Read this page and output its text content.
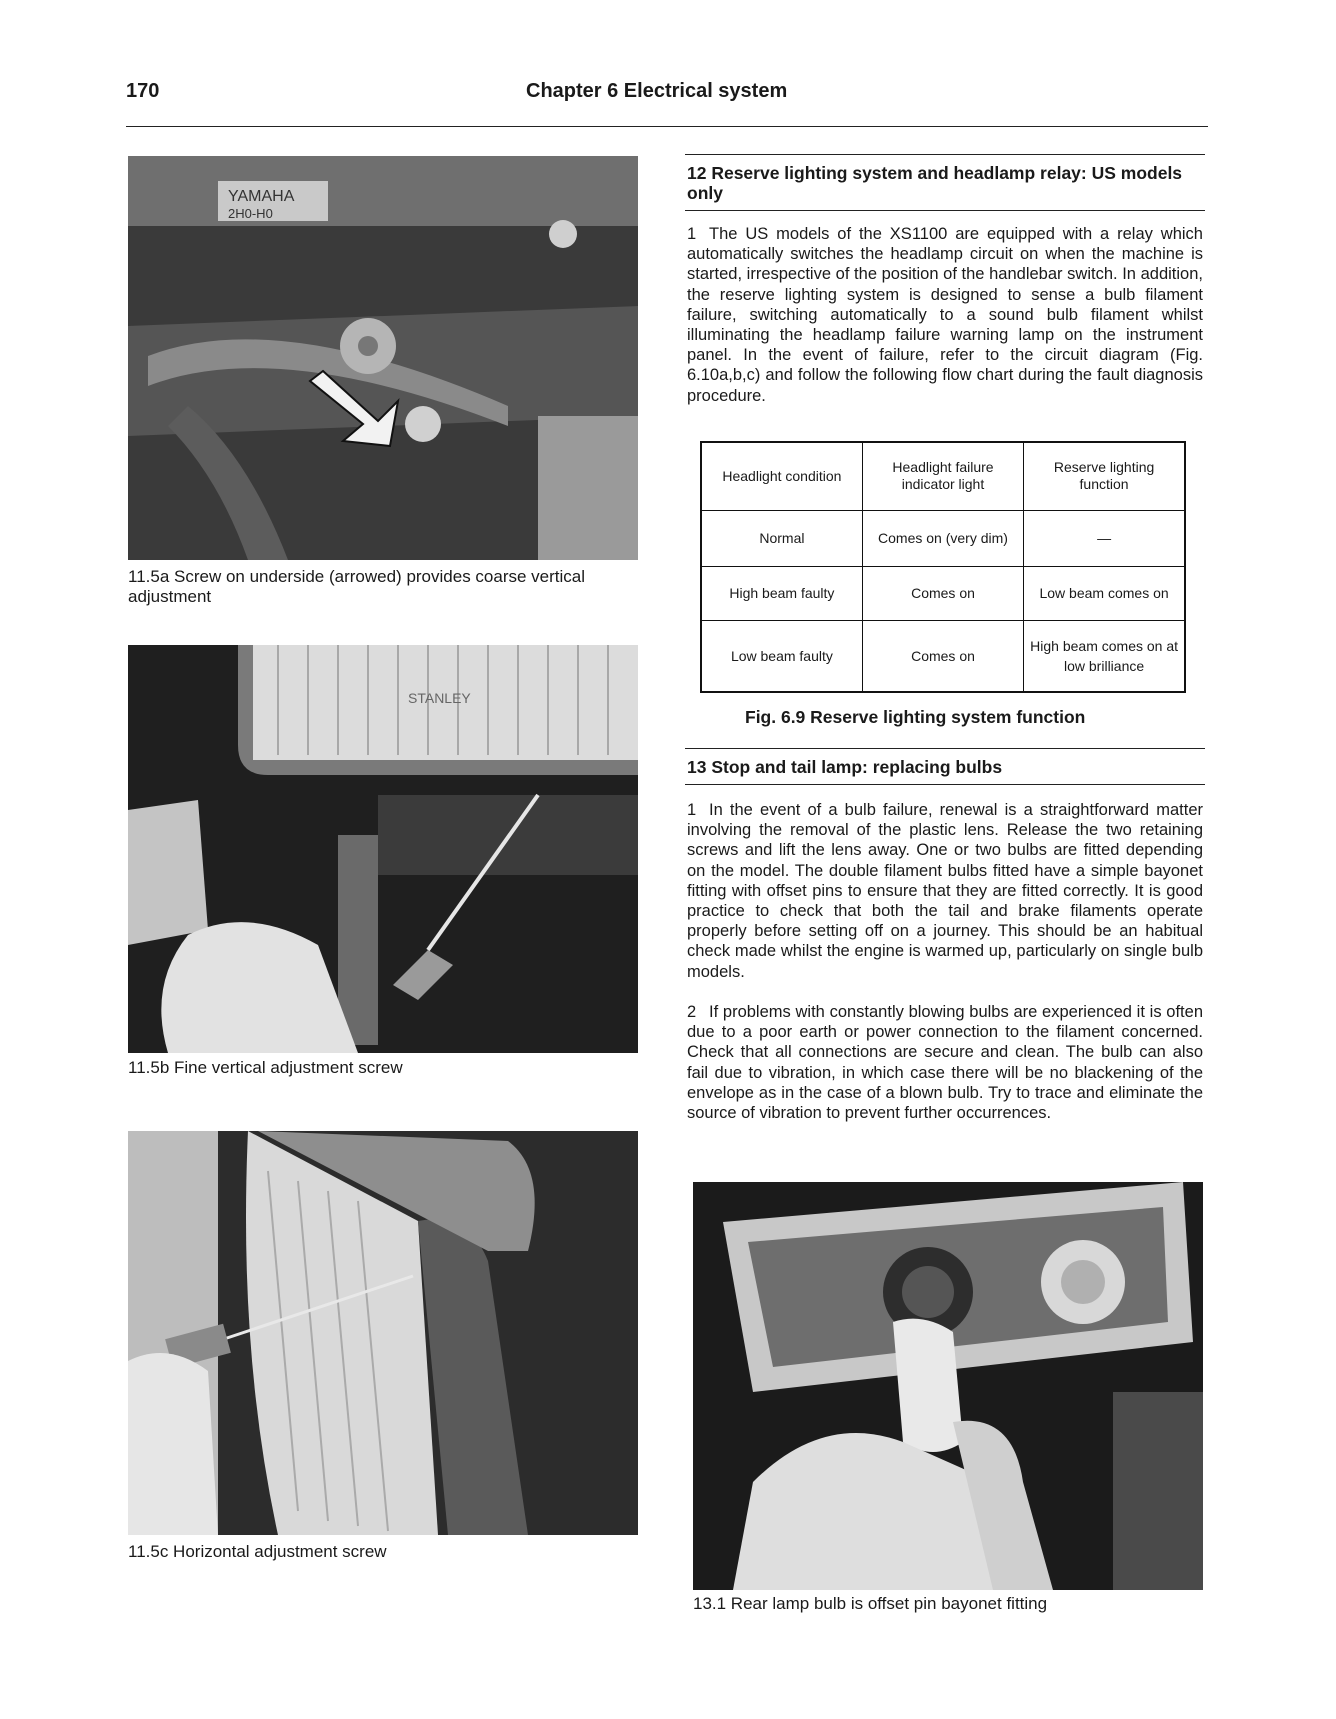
170	Chapter 6 Electrical system
YAMAHA
2H0-H0
11.5a Screw on underside (arrowed) provides coarse vertical adjustment
STANLEY
11.5b Fine vertical adjustment screw
11.5c Horizontal adjustment screw
12 Reserve lighting system and headlamp relay: US models only

1 The US models of the XS1100 are equipped with a relay which automatically switches the headlamp circuit on when the machine is started, irrespective of the position of the handlebar switch. In addition, the reserve lighting system is designed to sense a bulb filament failure, switching automatically to a sound bulb filament whilst illuminating the headlamp failure warning lamp on the instrument panel. In the event of failure, refer to the circuit diagram (Fig. 6.10a,b,c) and follow the following flow chart during the fault diagnosis procedure.

Headlight condition	Headlight failure indicator light	Reserve lighting function
Normal	Comes on (very dim)	—
High beam faulty	Comes on	Low beam comes on
Low beam faulty	Comes on	High beam comes on at low brilliance
Fig. 6.9 Reserve lighting system function
13 Stop and tail lamp: replacing bulbs

1 In the event of a bulb failure, renewal is a straightforward matter involving the removal of the plastic lens. Release the two retaining screws and lift the lens away. One or two bulbs are fitted depending on the model. The double filament bulbs fitted have a simple bayonet fitting with offset pins to ensure that they are fitted correctly. It is good practice to check that both the tail and brake filaments operate properly before setting off on a journey. This should be an habitual check made whilst the engine is warmed up, particularly on single bulb models.

2 If problems with constantly blowing bulbs are experienced it is often due to a poor earth or power connection to the filament concerned. Check that all connections are secure and clean. The bulb can also fail due to vibration, in which case there will be no blackening of the envelope as in the case of a blown bulb. Try to trace and eliminate the source of vibration to prevent further occurrences.

13.1 Rear lamp bulb is offset pin bayonet fitting
